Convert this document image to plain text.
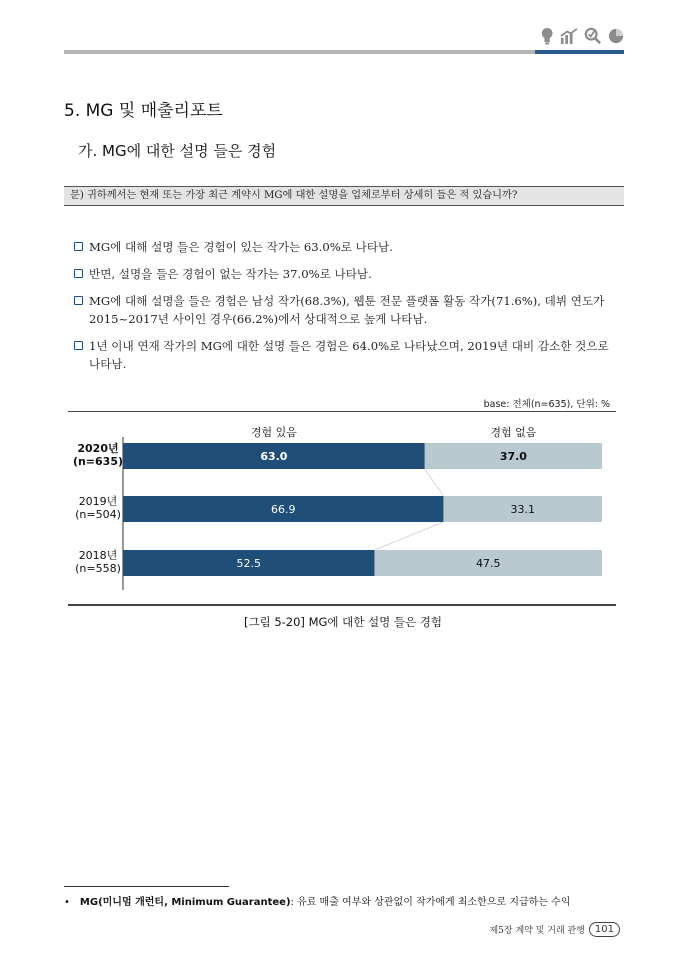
5. MG 및 매출리포트
가. MG에 대한 설명 들은 경험
문) 귀하께서는 현재 또는 가장 최근 계약시 MG에 대한 설명을 업체로부터 상세히 들은 적 있습니까?
MG에 대해 설명 들은 경험이 있는 작가는 63.0%로 나타남.
반면, 설명을 들은 경험이 없는 작가는 37.0%로 나타남.
MG에 대해 설명을 들은 경험은 남성 작가(68.3%), 웹툰 전문 플랫폼 활동 작가(71.6%), 데뷔 연도가 2015~2017년 사이인 경우(66.2%)에서 상대적으로 높게 나타남.
1년 이내 연재 작가의 MG에 대한 설명 들은 경험은 64.0%로 나타났으며, 2019년 대비 감소한 것으로 나타남.
base: 전체(n=635), 단위: %
63.0	37.0
2020년
(n=635)
66.9	33.1
2019년
(n=504)
52.5	47.5
2018년
(n=558)
경험 있음	경험 없음
[그림 5-20] MG에 대한 설명 들은 경험
• MG(미니멈 개런티, Minimum Guarantee): 유료 매출 여부와 상관없이 작가에게 최소한으로 지급하는 수익
제5장 계약 및 거래 관행	101
